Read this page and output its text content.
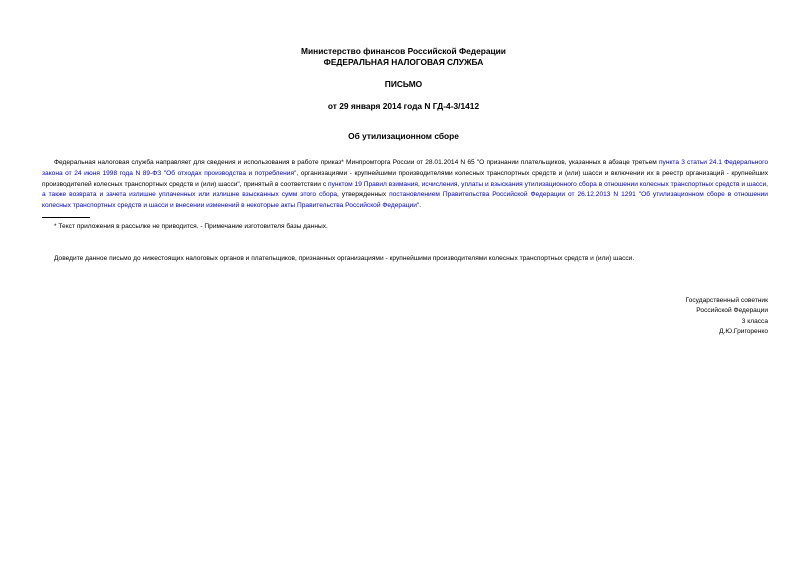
Министерство финансов Российской Федерации
ФЕДЕРАЛЬНАЯ НАЛОГОВАЯ СЛУЖБА
ПИСЬМО
от 29 января 2014 года N ГД-4-3/1412
Об утилизационном сборе
Федеральная налоговая служба направляет для сведения и использования в работе приказ* Минпромторга России от 28.01.2014 N 65 "О признании плательщиков, указанных в абзаце третьем пункта 3 статьи 24.1 Федерального закона от 24 июня 1998 года N 89-ФЗ "Об отходах производства и потребления", организациями - крупнейшими производителями колесных транспортных средств и (или) шасси и включении их в реестр организаций - крупнейших производителей колесных транспортных средств и (или) шасси", принятый в соответствии с пунктом 19 Правил взимания, исчисления, уплаты и взыскания утилизационного сбора в отношении колесных транспортных средств и шасси, а также возврата и зачета излишне уплаченных или излишне взысканных сумм этого сбора, утвержденных постановлением Правительства Российской Федерации от 26.12.2013 N 1291 "Об утилизационном сборе в отношении колесных транспортных средств и шасси и внесении изменений в некоторые акты Правительства Российской Федерации".
* Текст приложения в рассылке не приводится. - Примечание изготовителя базы данных.
Доведите данное письмо до нижестоящих налоговых органов и плательщиков, признанных организациями - крупнейшими производителями колесных транспортных средств и (или) шасси.
Государственный советник
Российской Федерации
3 класса
Д.Ю.Григоренко
